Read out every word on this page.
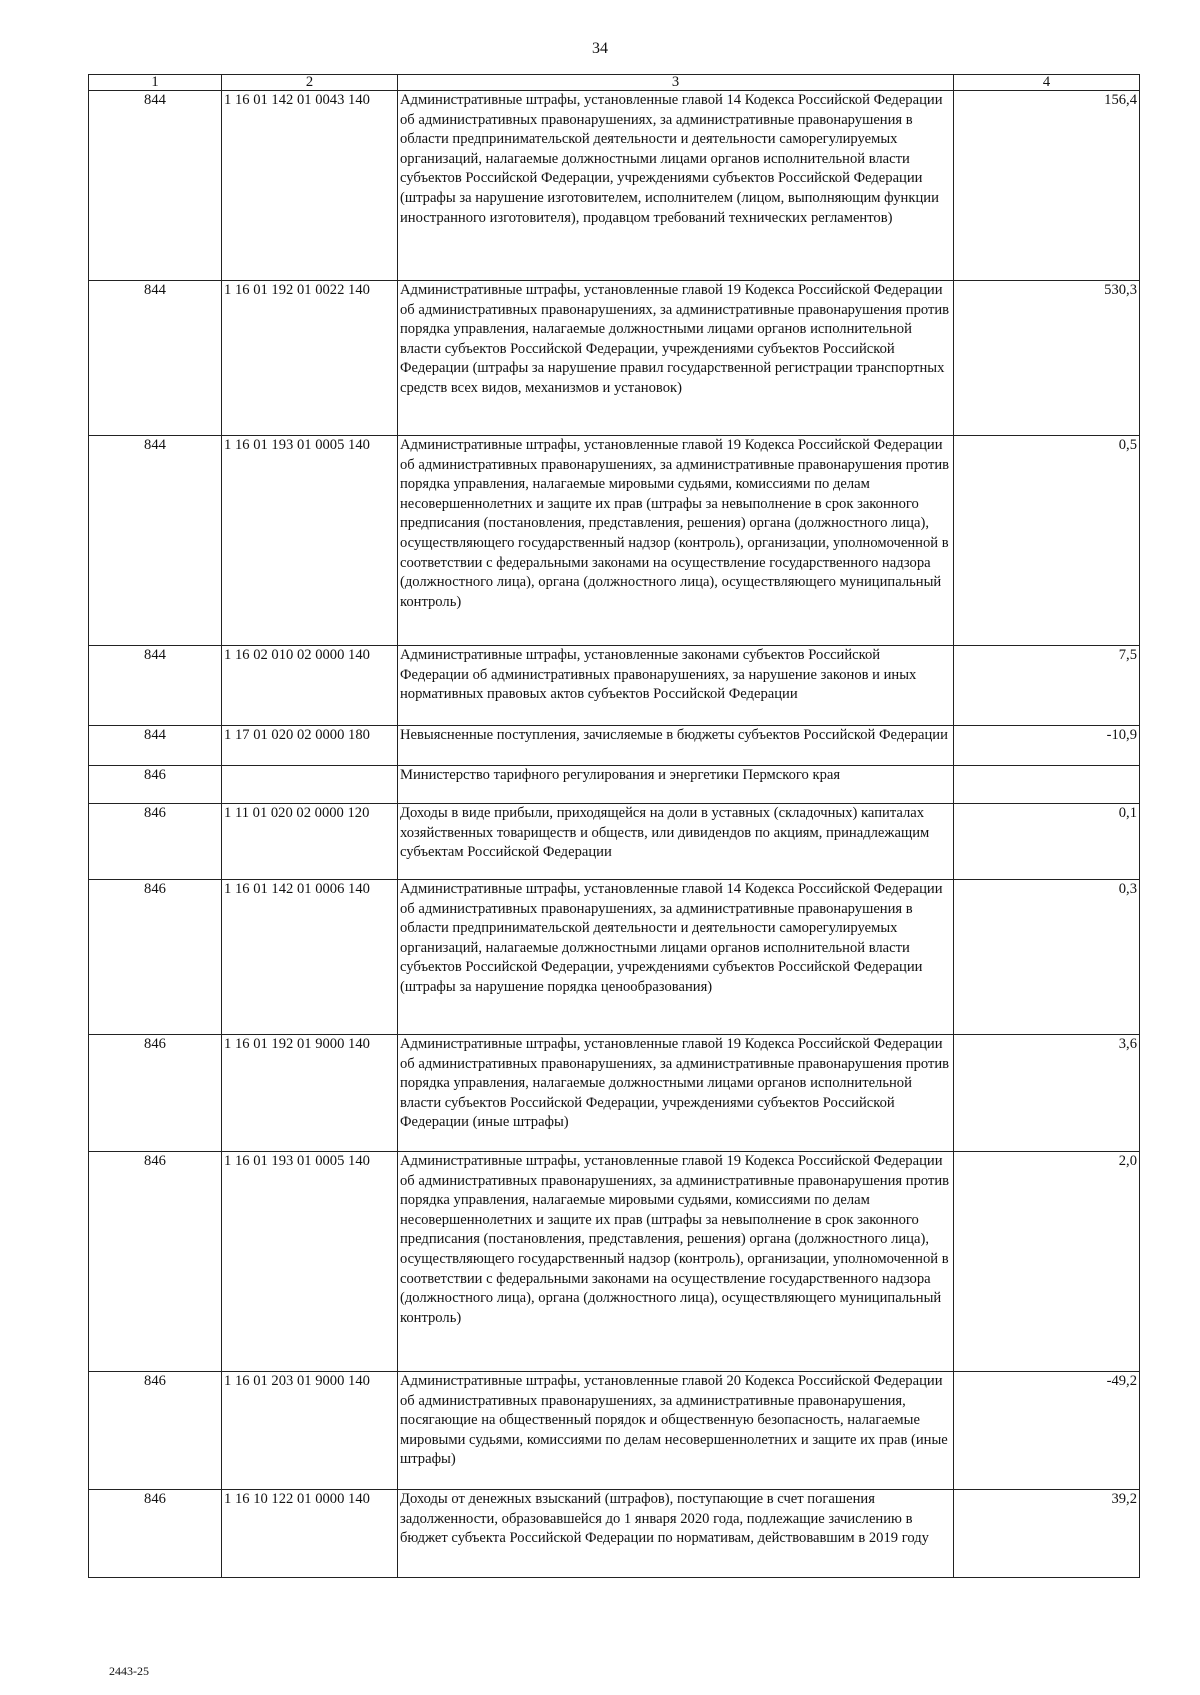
34
1	2	3	4
844	1 16 01 142 01 0043 140	Административные штрафы, установленные главой 14 Кодекса Российской Федерации об административных правонарушениях, за административные правонарушения в области предпринимательской деятельности и деятельности саморегулируемых организаций, налагаемые должностными лицами органов исполнительной власти субъектов Российской Федерации, учреждениями субъектов Российской Федерации (штрафы за нарушение изготовителем, исполнителем (лицом, выполняющим функции иностранного изготовителя), продавцом требований технических регламентов)	156,4
844	1 16 01 192 01 0022 140	Административные штрафы, установленные главой 19 Кодекса Российской Федерации об административных правонарушениях, за административные правонарушения против порядка управления, налагаемые должностными лицами органов исполнительной власти субъектов Российской Федерации, учреждениями субъектов Российской Федерации (штрафы за нарушение правил государственной регистрации транспортных средств всех видов, механизмов и установок)	530,3
844	1 16 01 193 01 0005 140	Административные штрафы, установленные главой 19 Кодекса Российской Федерации об административных правонарушениях, за административные правонарушения против порядка управления, налагаемые мировыми судьями, комиссиями по делам несовершеннолетних и защите их прав (штрафы за невыполнение в срок законного предписания (постановления, представления, решения) органа (должностного лица), осуществляющего государственный надзор (контроль), организации, уполномоченной в соответствии с федеральными законами на осуществление государственного надзора (должностного лица), органа (должностного лица), осуществляющего муниципальный контроль)	0,5
844	1 16 02 010 02 0000 140	Административные штрафы, установленные законами субъектов Российской Федерации об административных правонарушениях, за нарушение законов и иных нормативных правовых актов субъектов Российской Федерации	7,5
844	1 17 01 020 02 0000 180	Невыясненные поступления, зачисляемые в бюджеты субъектов Российской Федерации	-10,9
846		Министерство тарифного регулирования и энергетики Пермского края	
846	1 11 01 020 02 0000 120	Доходы в виде прибыли, приходящейся на доли в уставных (складочных) капиталах хозяйственных товариществ и обществ, или дивидендов по акциям, принадлежащим субъектам Российской Федерации	0,1
846	1 16 01 142 01 0006 140	Административные штрафы, установленные главой 14 Кодекса Российской Федерации об административных правонарушениях, за административные правонарушения в области предпринимательской деятельности и деятельности саморегулируемых организаций, налагаемые должностными лицами органов исполнительной власти субъектов Российской Федерации, учреждениями субъектов Российской Федерации (штрафы за нарушение порядка ценообразования)	0,3
846	1 16 01 192 01 9000 140	Административные штрафы, установленные главой 19 Кодекса Российской Федерации об административных правонарушениях, за административные правонарушения против порядка управления, налагаемые должностными лицами органов исполнительной власти субъектов Российской Федерации, учреждениями субъектов Российской Федерации (иные штрафы)	3,6
846	1 16 01 193 01 0005 140	Административные штрафы, установленные главой 19 Кодекса Российской Федерации об административных правонарушениях, за административные правонарушения против порядка управления, налагаемые мировыми судьями, комиссиями по делам несовершеннолетних и защите их прав (штрафы за невыполнение в срок законного предписания (постановления, представления, решения) органа (должностного лица), осуществляющего государственный надзор (контроль), организации, уполномоченной в соответствии с федеральными законами на осуществление государственного надзора (должностного лица), органа (должностного лица), осуществляющего муниципальный контроль)	2,0
846	1 16 01 203 01 9000 140	Административные штрафы, установленные главой 20 Кодекса Российской Федерации об административных правонарушениях, за административные правонарушения, посягающие на общественный порядок и общественную безопасность, налагаемые мировыми судьями, комиссиями по делам несовершеннолетних и защите их прав (иные штрафы)	-49,2
846	1 16 10 122 01 0000 140	Доходы от денежных взысканий (штрафов), поступающие в счет погашения задолженности, образовавшейся до 1 января 2020 года, подлежащие зачислению в бюджет субъекта Российской Федерации по нормативам, действовавшим в 2019 году	39,2
2443-25
